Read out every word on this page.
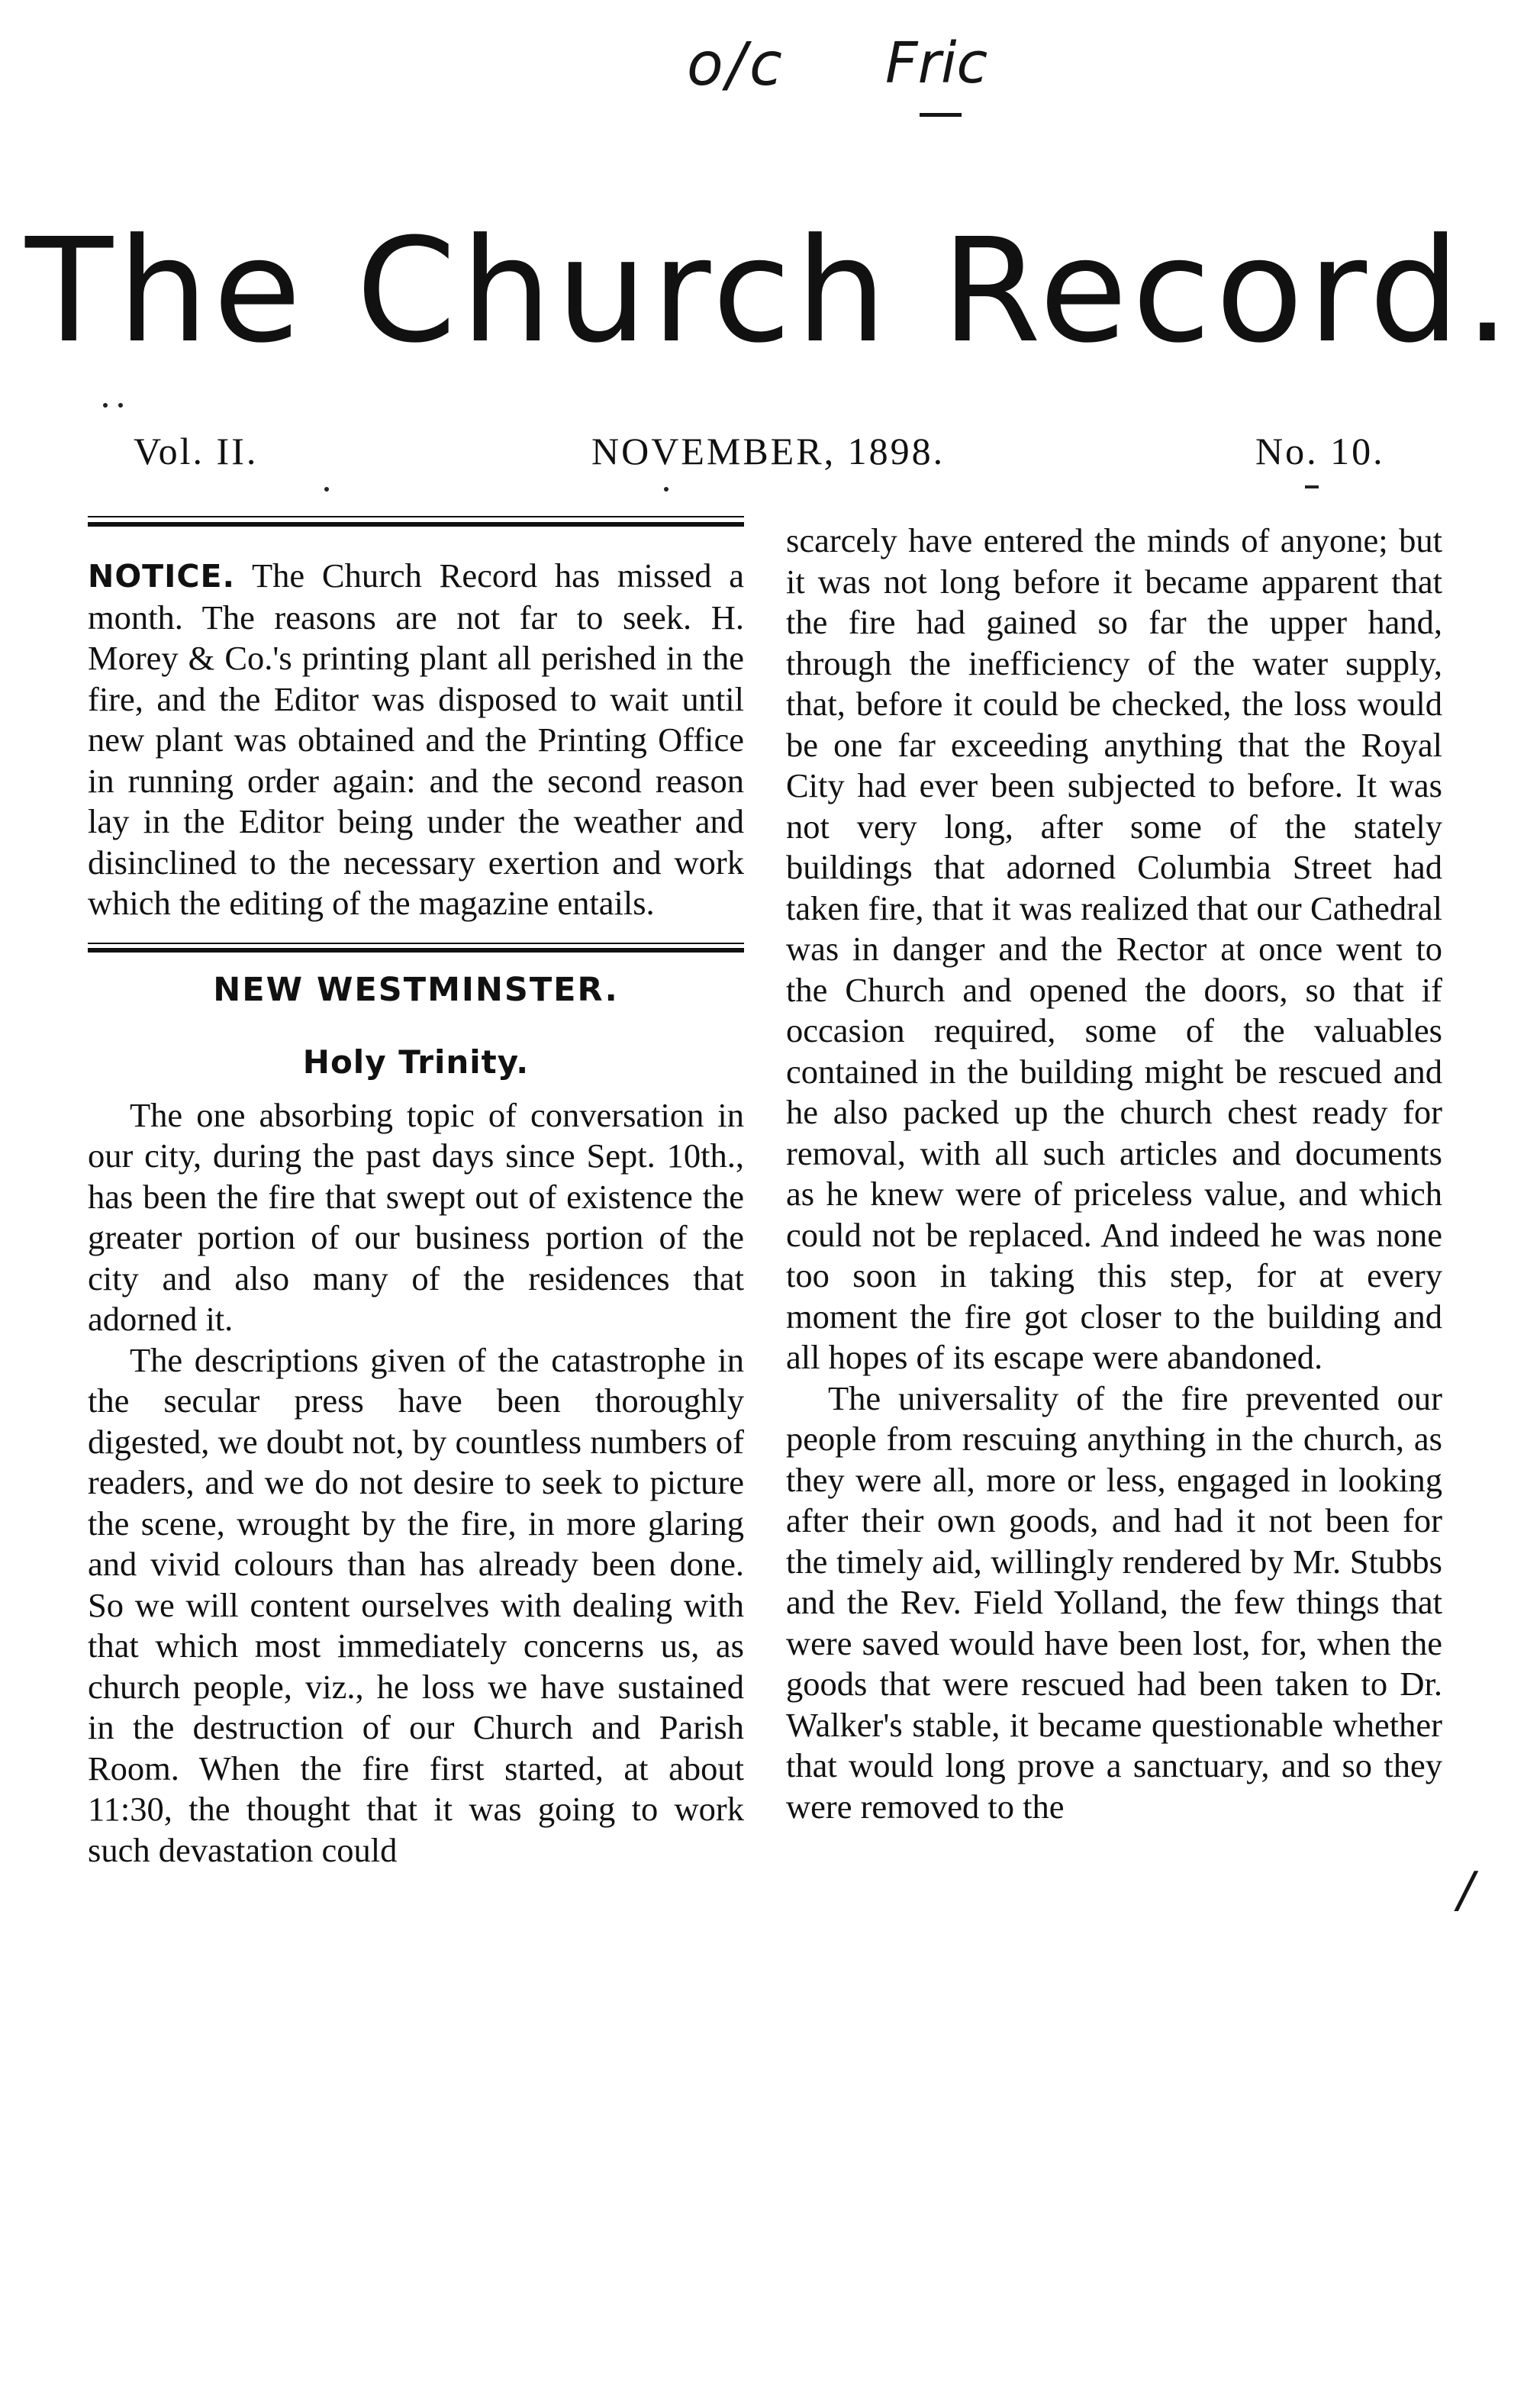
o/c Fric
The Church Record.
Vol. II.	NOVEMBER, 1898.	No. 10.

NOTICE. The Church Record has missed a month. The reasons are not far to seek. H. Morey & Co.'s printing plant all perished in the fire, and the Editor was disposed to wait until new plant was obtained and the Printing Office in running order again: and the second reason lay in the Editor being under the weather and disinclined to the necessary exertion and work which the editing of the magazine entails.

NEW WESTMINSTER.
Holy Trinity.

The one absorbing topic of conversation in our city, during the past days since Sept. 10th., has been the fire that swept out of existence the greater portion of our business portion of the city and also many of the residences that adorned it.

The descriptions given of the catastrophe in the secular press have been thoroughly digested, we doubt not, by countless numbers of readers, and we do not desire to seek to picture the scene, wrought by the fire, in more glaring and vivid colours than has already been done. So we will content ourselves with dealing with that which most immediately concerns us, as church people, viz., he loss we have sustained in the destruction of our Church and Parish Room. When the fire first started, at about 11:30, the thought that it was going to work such devastation could

scarcely have entered the minds of anyone; but it was not long before it became apparent that the fire had gained so far the upper hand, through the inefficiency of the water supply, that, before it could be checked, the loss would be one far exceeding anything that the Royal City had ever been subjected to before. It was not very long, after some of the stately buildings that adorned Columbia Street had taken fire, that it was realized that our Cathedral was in danger and the Rector at once went to the Church and opened the doors, so that if occasion required, some of the valuables contained in the building might be rescued and he also packed up the church chest ready for removal, with all such articles and documents as he knew were of priceless value, and which could not be replaced. And indeed he was none too soon in taking this step, for at every moment the fire got closer to the building and all hopes of its escape were abandoned.

The universality of the fire prevented our people from rescuing anything in the church, as they were all, more or less, engaged in looking after their own goods, and had it not been for the timely aid, willingly rendered by Mr. Stubbs and the Rev. Field Yolland, the few things that were saved would have been lost, for, when the goods that were rescued had been taken to Dr. Walker's stable, it became questionable whether that would long prove a sanctuary, and so they were removed to the

/
